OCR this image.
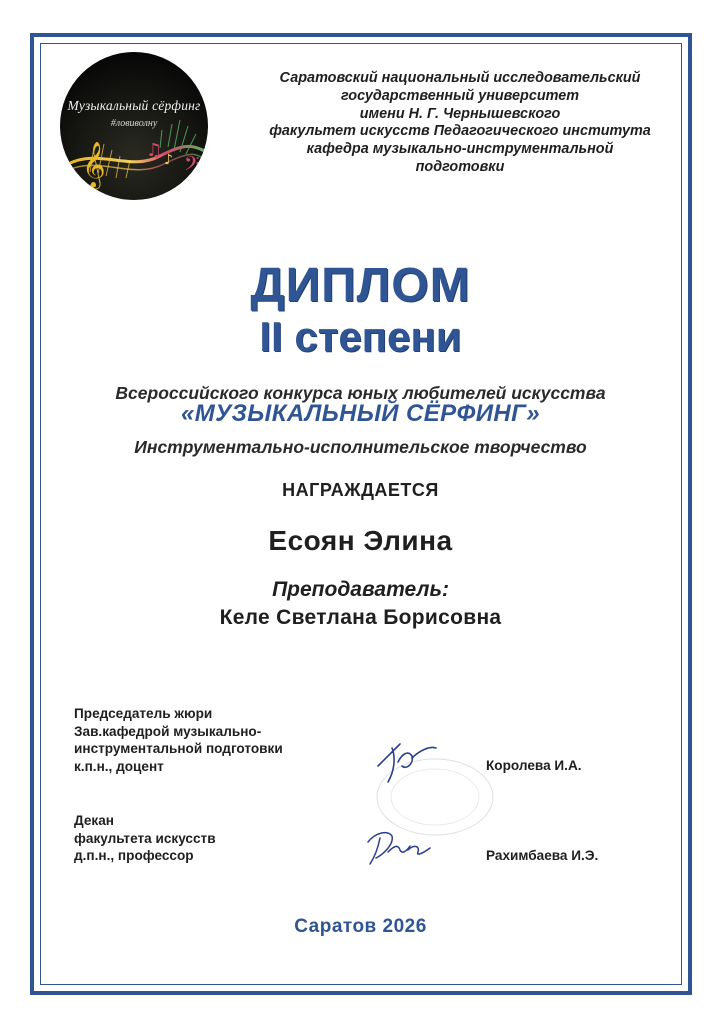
𝄞 ♫ ♪ 𝄢
Музыкальный сёрфинг
#ловиволну
Саратовский национальный исследовательский
государственный университет
имени Н. Г. Чернышевского
факультет искусств Педагогического института
кафедра музыкально-инструментальной
подготовки
ДИПЛОМ
II степени
Всероссийского конкурса юных любителей искусства
«МУЗЫКАЛЬНЫЙ СЁРФИНГ»
Инструментально-исполнительское творчество
НАГРАЖДАЕТСЯ
Есоян Элина
Преподаватель:
Келе Светлана Борисовна
Председатель жюри
Зав.кафедрой музыкально-
инструментальной подготовки
к.п.н., доцент	Королева И.А.
Декан
факультета искусств
д.п.н., профессор	Рахимбаева И.Э.
Саратов 2026
